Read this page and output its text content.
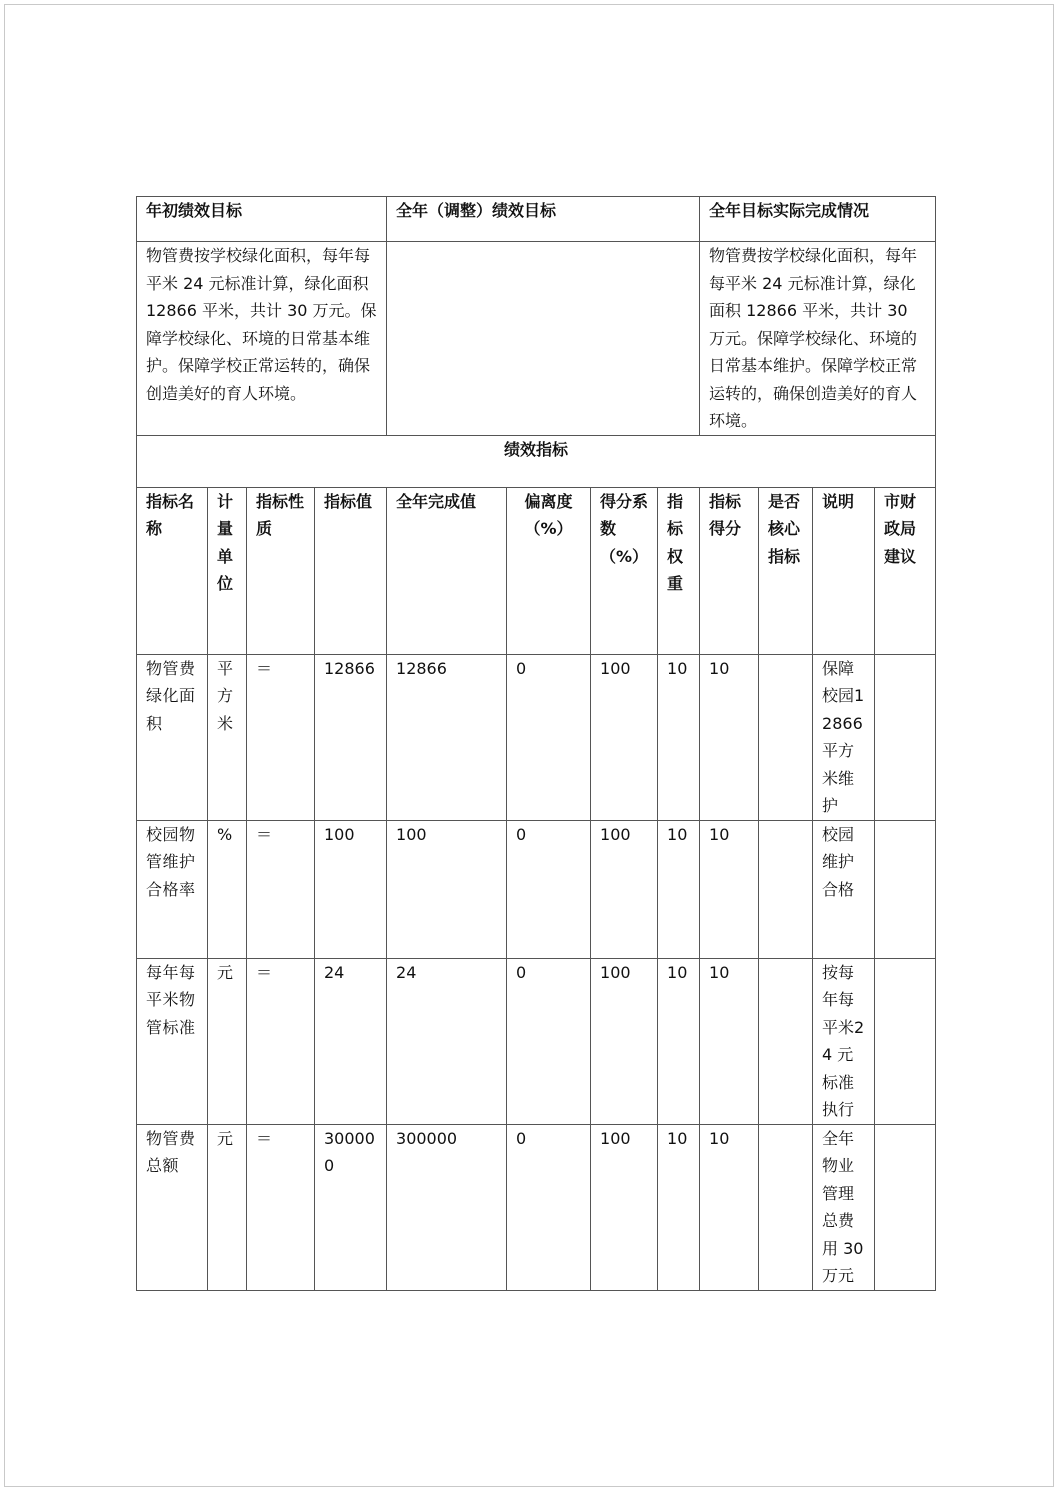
年初绩效目标				全年（调整）绩效目标				全年目标实际完成情况			
物管费按学校绿化面积，每年每平米 24 元标准计算，绿化面积 12866 平米，共计 30 万元。保障学校绿化、环境的日常基本维护。保障学校正常运转的，确保创造美好的育人环境。								物管费按学校绿化面积，每年每平米 24 元标准计算，绿化面积 12866 平米，共计 30 万元。保障学校绿化、环境的日常基本维护。保障学校正常运转的，确保创造美好的育人环境。			
绩效指标											
指标名称	计量单位	指标性质	指标值	全年完成值	偏离度（%）	得分系数（%）	指标权重	指标得分	是否核心指标	说明	市财政局建议
物管费绿化面积	平方米	＝	12866	12866	0	100	10	10		保障校园12866 平方米维护	
校园物管维护合格率	%	＝	100	100	0	100	10	10		校园维护合格	
每年每平米物管标准	元	＝	24	24	0	100	10	10		按每年每平米24 元标准执行	
物管费总额	元	＝	300000	300000	0	100	10	10		全年物业管理总费用 30万元	
